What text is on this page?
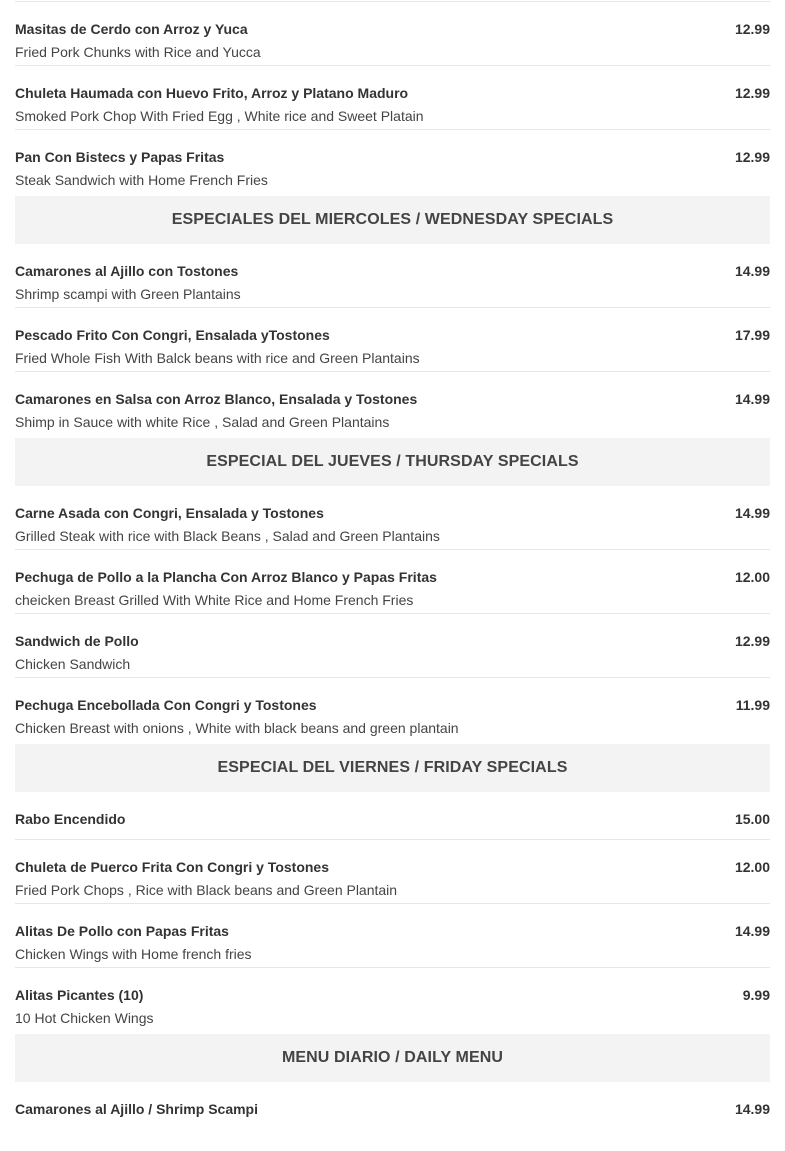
Masitas de Cerdo con Arroz y Yuca	12.99
Fried Pork Chunks with Rice and Yucca
Chuleta Haumada con Huevo Frito, Arroz y Platano Maduro	12.99
Smoked Pork Chop With Fried Egg , White rice and Sweet Platain
Pan Con Bistecs y Papas Fritas	12.99
Steak Sandwich with Home French Fries
ESPECIALES DEL MIERCOLES / WEDNESDAY SPECIALS
Camarones al Ajillo con Tostones	14.99
Shrimp scampi with Green Plantains
Pescado Frito Con Congri, Ensalada yTostones	17.99
Fried Whole Fish With Balck beans with rice and Green Plantains
Camarones en Salsa con Arroz Blanco, Ensalada y Tostones	14.99
Shimp in Sauce with white Rice , Salad and Green Plantains
ESPECIAL DEL JUEVES / THURSDAY SPECIALS
Carne Asada con Congri, Ensalada y Tostones	14.99
Grilled Steak with rice with Black Beans , Salad and Green Plantains
Pechuga de Pollo a la Plancha Con Arroz Blanco y Papas Fritas	12.00
cheicken Breast Grilled With White Rice and Home French Fries
Sandwich de Pollo	12.99
Chicken Sandwich
Pechuga Encebollada Con Congri y Tostones	11.99
Chicken Breast with onions , White with black beans and green plantain
ESPECIAL DEL VIERNES / FRIDAY SPECIALS
Rabo Encendido	15.00
Chuleta de Puerco Frita Con Congri y Tostones	12.00
Fried Pork Chops , Rice with Black beans and Green Plantain
Alitas De Pollo con Papas Fritas	14.99
Chicken Wings with Home french fries
Alitas Picantes (10)	9.99
10 Hot Chicken Wings
MENU DIARIO / DAILY MENU
Camarones al Ajillo / Shrimp Scampi	14.99
